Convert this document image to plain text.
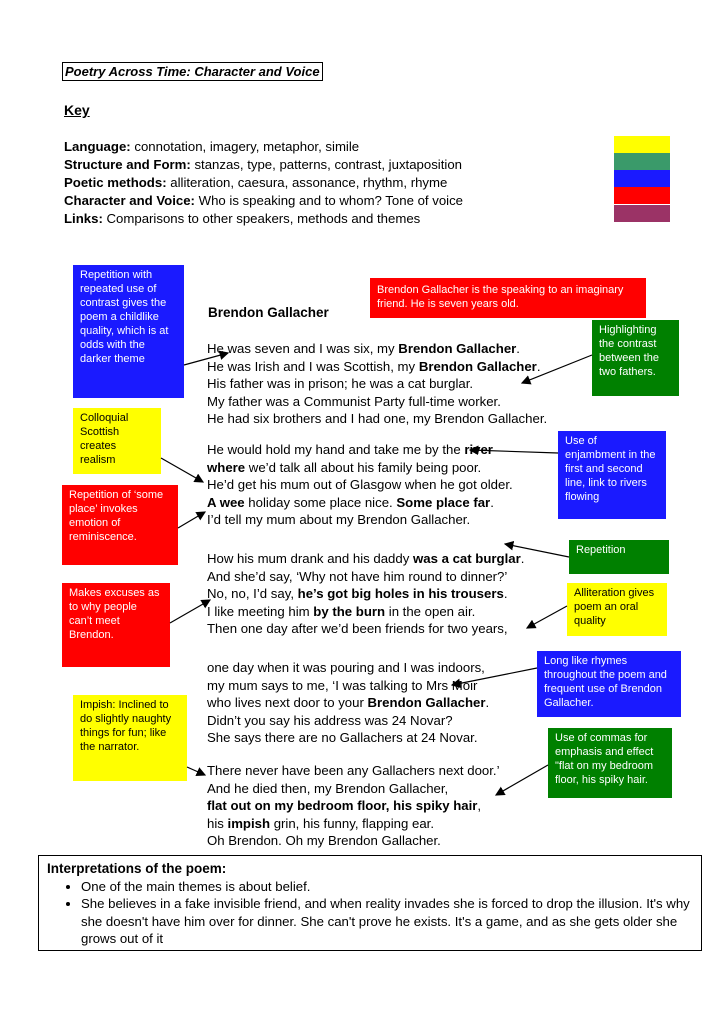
Poetry Across Time: Character and Voice
Key
Language: connotation, imagery, metaphor, simile
Structure and Form: stanzas, type, patterns, contrast, juxtaposition
Poetic methods: alliteration, caesura, assonance, rhythm, rhyme
Character and Voice: Who is speaking and to whom? Tone of voice
Links: Comparisons to other speakers, methods and themes
Brendon Gallacher
He was seven and I was six, my Brendon Gallacher.
He was Irish and I was Scottish, my Brendon Gallacher.
His father was in prison; he was a cat burglar.
My father was a Communist Party full-time worker.
He had six brothers and I had one, my Brendon Gallacher.
He would hold my hand and take me by the river
where we’d talk all about his family being poor.
He’d get his mum out of Glasgow when he got older.
A wee holiday some place nice. Some place far.
I’d tell my mum about my Brendon Gallacher.
How his mum drank and his daddy was a cat burglar.
And she’d say, ‘Why not have him round to dinner?’
No, no, I’d say, he’s got big holes in his trousers.
I like meeting him by the burn in the open air.
Then one day after we’d been friends for two years,
one day when it was pouring and I was indoors,
my mum says to me, ‘I was talking to Mrs Moir
who lives next door to your Brendon Gallacher.
Didn’t you say his address was 24 Novar?
She says there are no Gallachers at 24 Novar.
There never have been any Gallachers next door.’
And he died then, my Brendon Gallacher,
flat out on my bedroom floor, his spiky hair,
his impish grin, his funny, flapping ear.
Oh Brendon. Oh my Brendon Gallacher.
Brendon Gallacher is the speaking to an imaginary friend. He is seven years old.
Repetition with repeated use of contrast gives the poem a childlike quality, which is at odds with the darker theme
Colloquial Scottish creates realism
Repetition of ‘some place’ invokes emotion of reminiscence.
Makes excuses as to why people can’t meet Brendon.
Impish: Inclined to do slightly naughty things for fun; like the narrator.
Highlighting the contrast between the two fathers.
Use of enjambment in the first and second line, link to rivers flowing
Repetition
Alliteration gives poem an oral quality
Long like rhymes throughout the poem and frequent use of Brendon Gallacher.
Use of commas for emphasis and effect "flat on my bedroom floor, his spiky hair.
Interpretations of the poem:
• One of the main themes is about belief.
• She believes in a fake invisible friend, and when reality invades she is forced to drop the illusion. It's why she doesn't have him over for dinner. She can't prove he exists. It's a game, and as she gets older she grows out of it
